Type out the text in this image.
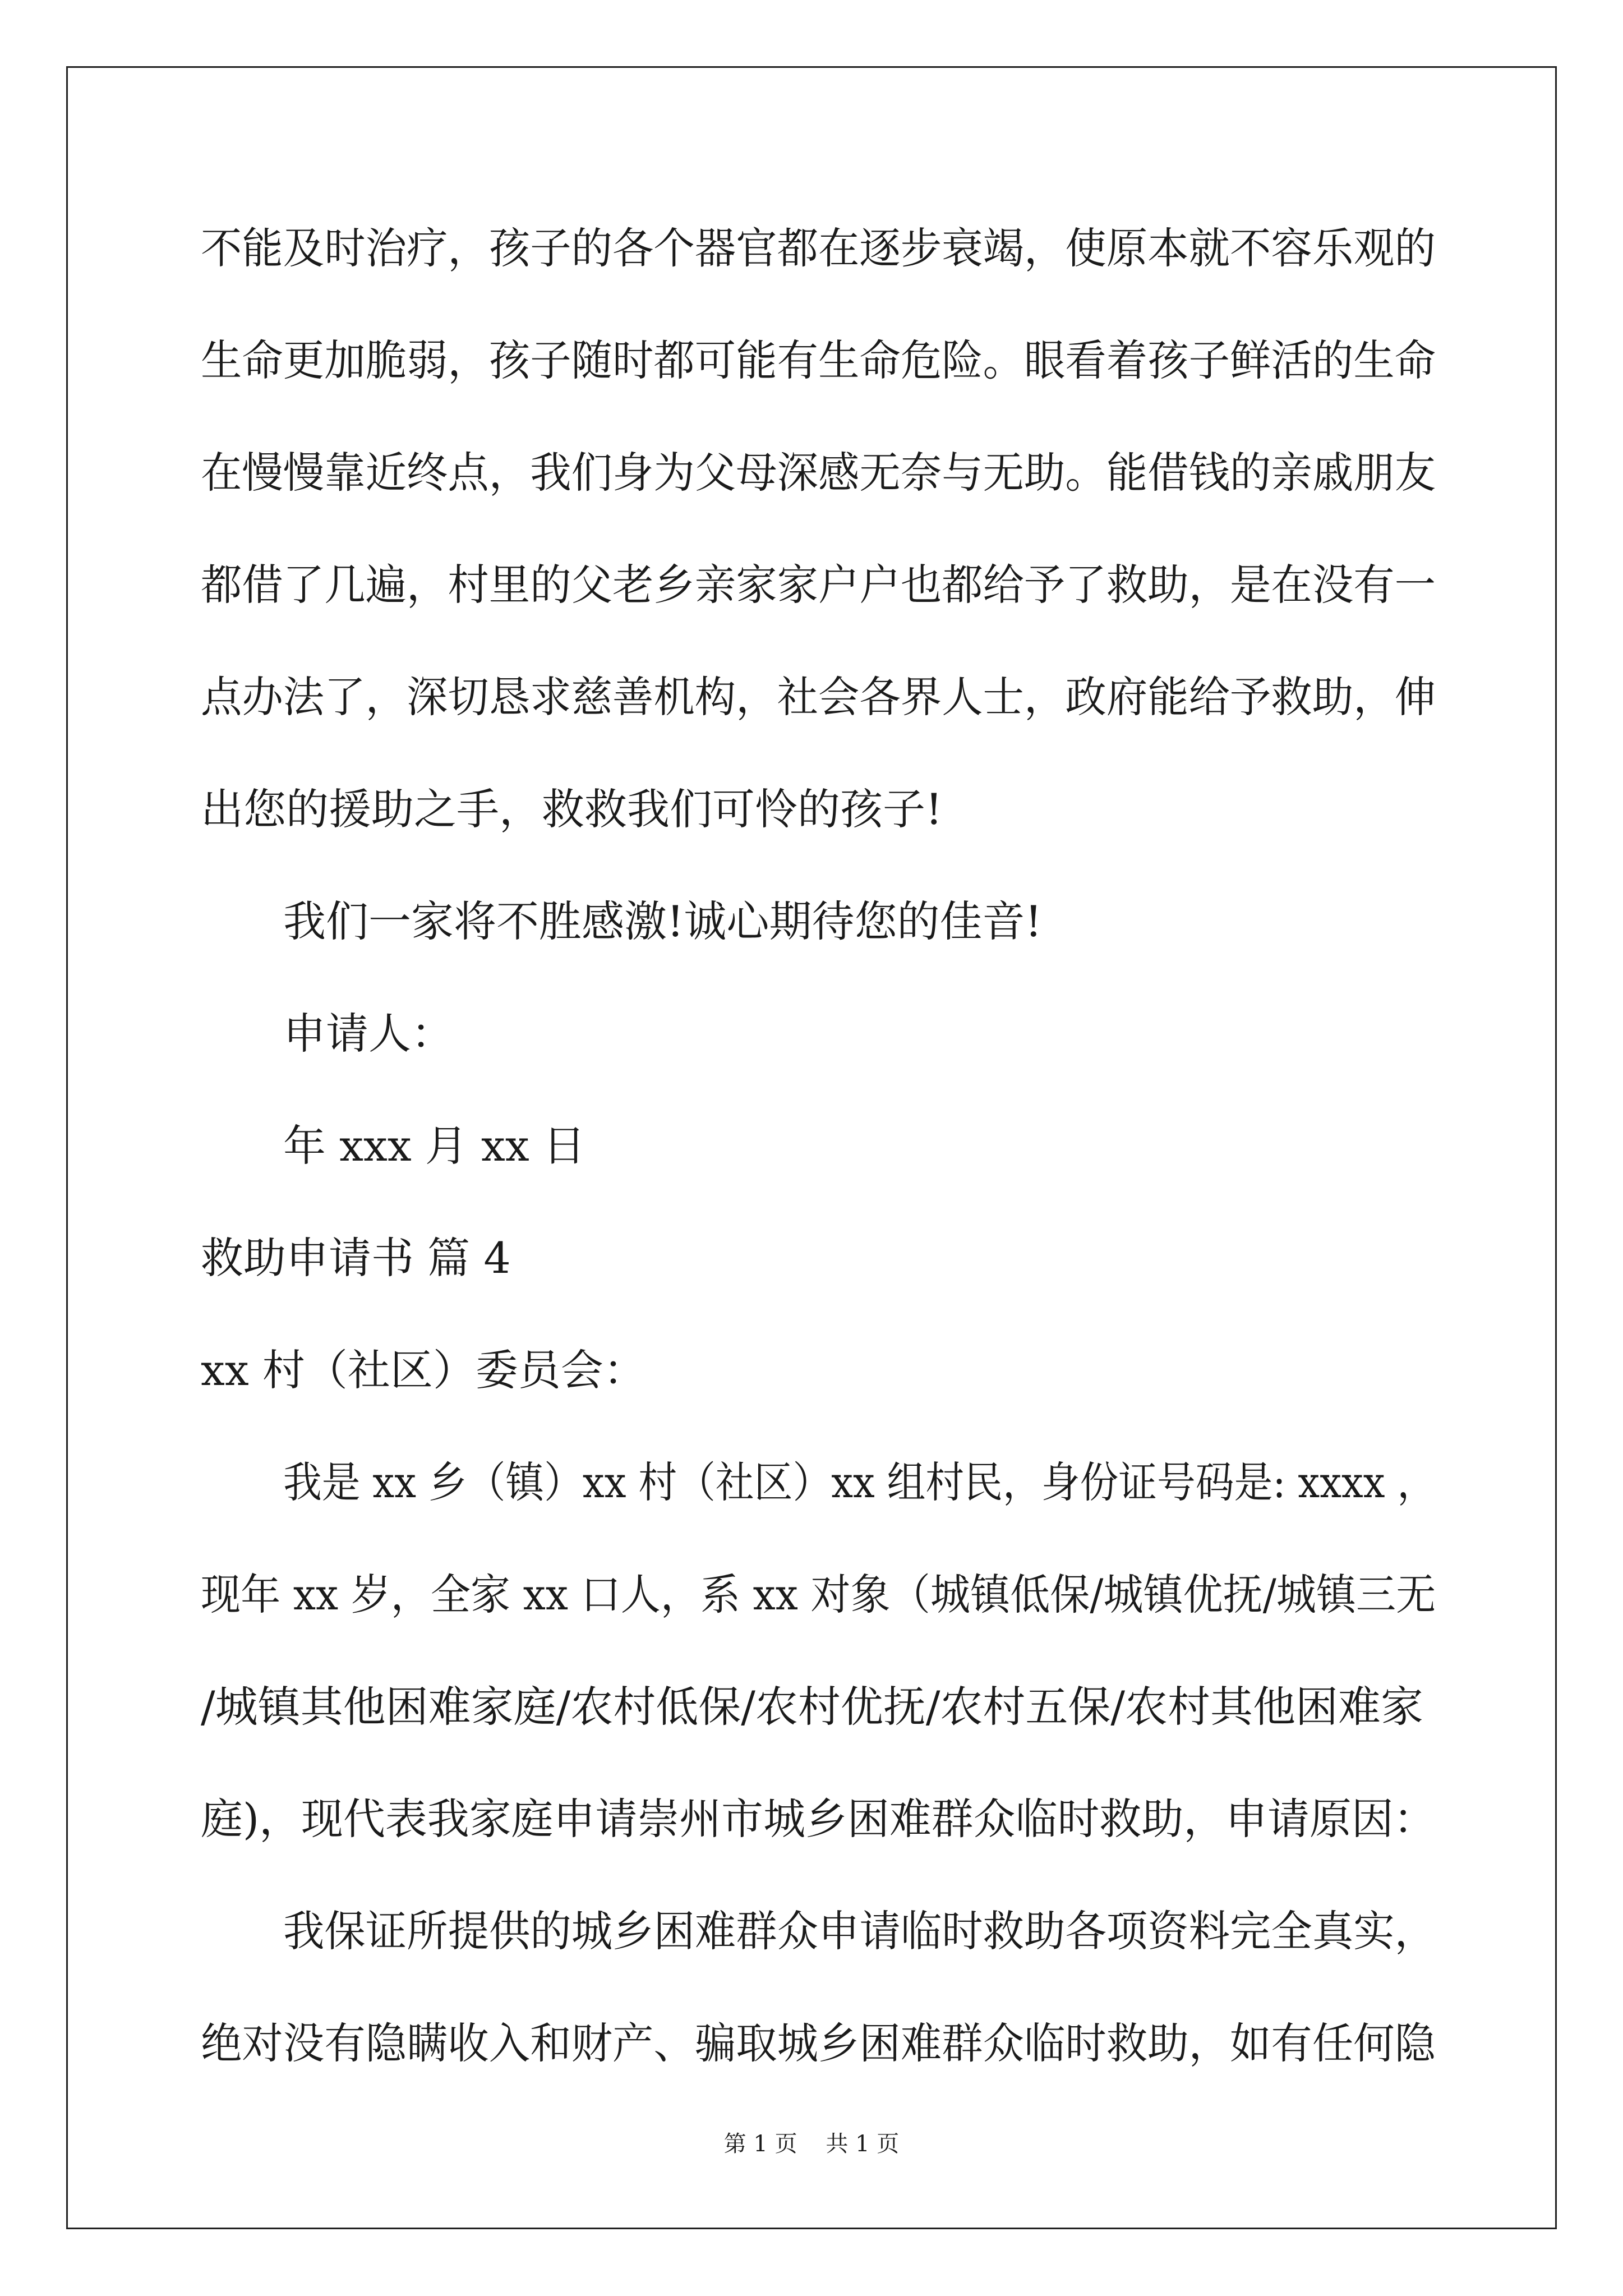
不能及时治疗，孩子的各个器官都在逐步衰竭，使原本就不容乐观的

生命更加脆弱，孩子随时都可能有生命危险。眼看着孩子鲜活的生命

在慢慢靠近终点，我们身为父母深感无奈与无助。能借钱的亲戚朋友

都借了几遍，村里的父老乡亲家家户户也都给予了救助，是在没有一

点办法了，深切恳求慈善机构，社会各界人士，政府能给予救助，伸

出您的援助之手，救救我们可怜的孩子!

我们一家将不胜感激!诚心期待您的佳音!

申请人：

年 xxx 月 xx 日

救助申请书 篇 4

xx 村（社区）委员会：

我是 xx 乡（镇）xx 村（社区）xx 组村民，身份证号码是: xxxx ，

现年 xx 岁，全家 xx 口人，系 xx 对象（城镇低保/城镇优抚/城镇三无

/城镇其他困难家庭/农村低保/农村优抚/农村五保/农村其他困难家

庭)，现代表我家庭申请崇州市城乡困难群众临时救助，申请原因：

我保证所提供的城乡困难群众申请临时救助各项资料完全真实，

绝对没有隐瞒收入和财产、骗取城乡困难群众临时救助，如有任何隐

第 1 页    共 1 页
